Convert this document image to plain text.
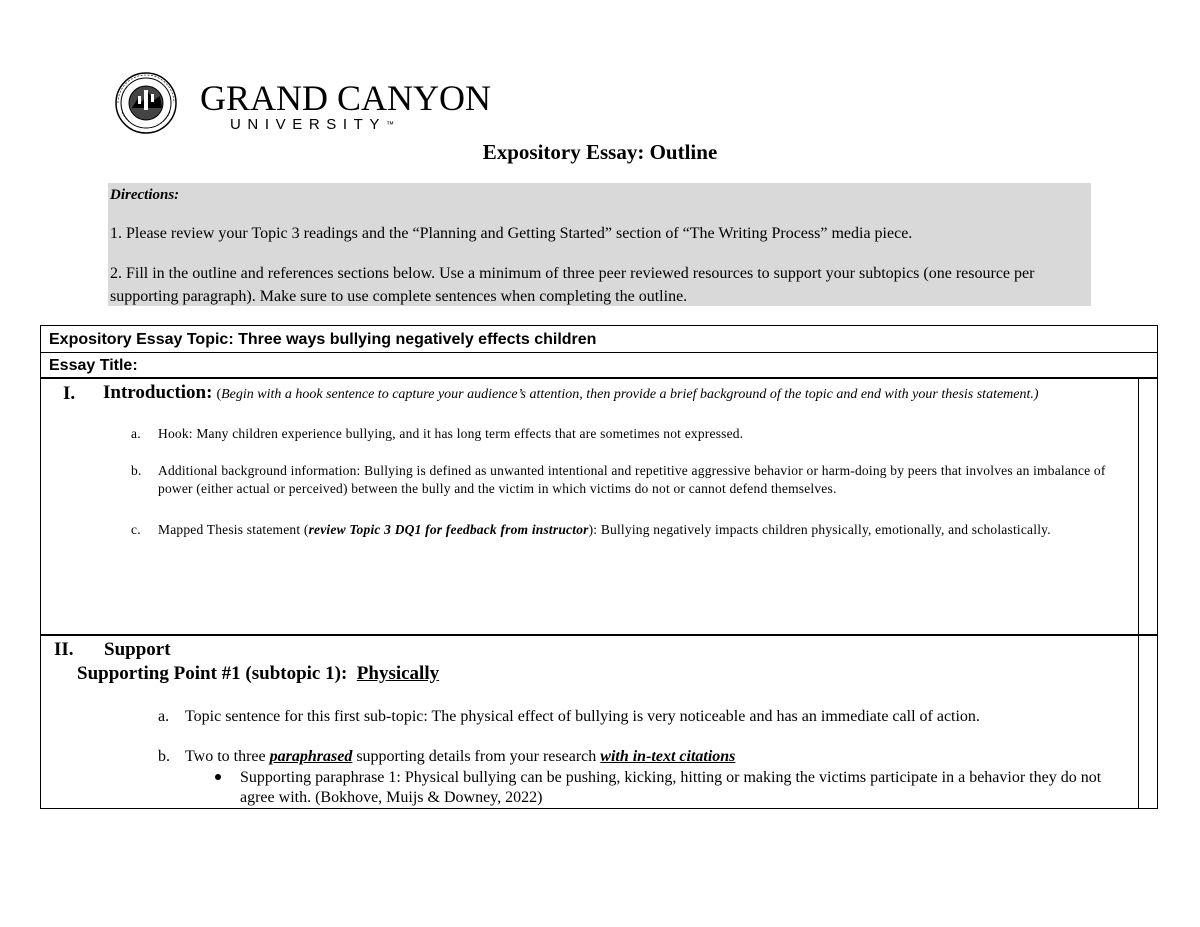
GRAND CANYON
UNIVERSITY™
Expository Essay: Outline
Directions:
1. Please review your Topic 3 readings and the “Planning and Getting Started” section of “The Writing Process” media piece.
2. Fill in the outline and references sections below. Use a minimum of three peer reviewed resources to support your subtopics (one resource per supporting paragraph). Make sure to use complete sentences when completing the outline.
Expository Essay Topic: Three ways bullying negatively effects children
Essay Title:
I. Introduction: (Begin with a hook sentence to capture your audience’s attention, then provide a brief background of the topic and end with your thesis statement.)
a. Hook: Many children experience bullying, and it has long term effects that are sometimes not expressed.
b. Additional background information: Bullying is defined as unwanted intentional and repetitive aggressive behavior or harm-doing by peers that involves an imbalance of power (either actual or perceived) between the bully and the victim in which victims do not or cannot defend themselves.
c. Mapped Thesis statement (review Topic 3 DQ1 for feedback from instructor): Bullying negatively impacts children physically, emotionally, and scholastically.
II. Support
Supporting Point #1 (subtopic 1): Physically
a. Topic sentence for this first sub-topic: The physical effect of bullying is very noticeable and has an immediate call of action.
b. Two to three paraphrased supporting details from your research with in-text citations
Supporting paraphrase 1: Physical bullying can be pushing, kicking, hitting or making the victims participate in a behavior they do not agree with. (Bokhove, Muijs & Downey, 2022)
